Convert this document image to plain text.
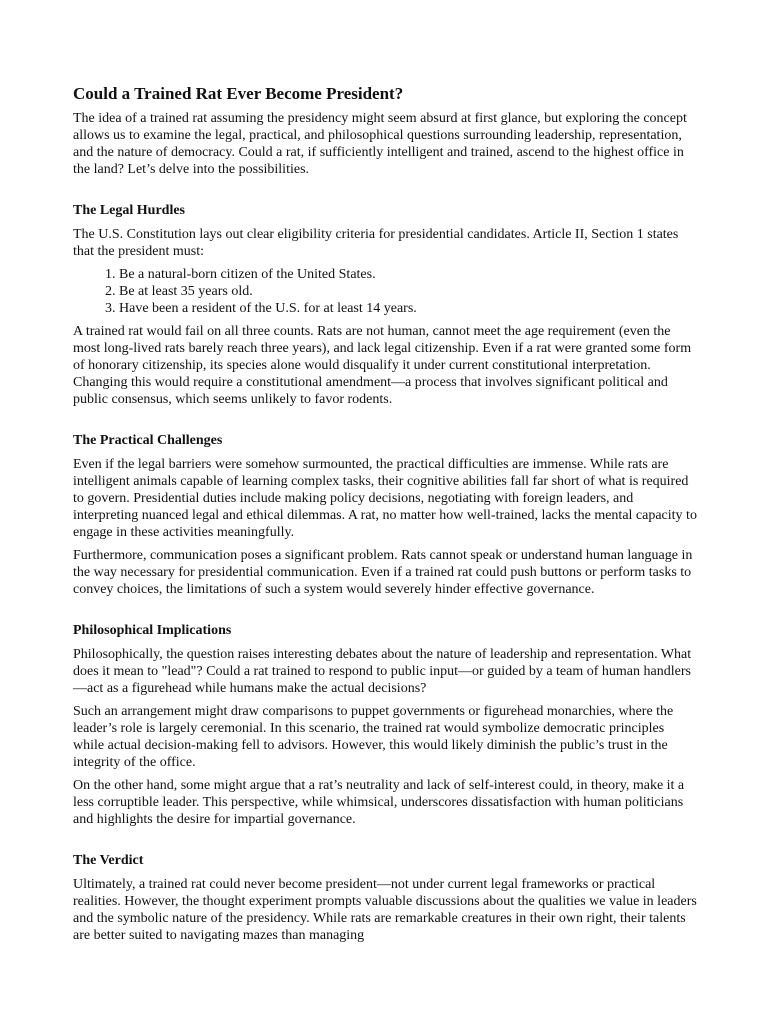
Could a Trained Rat Ever Become President?

The idea of a trained rat assuming the presidency might seem absurd at first glance, but exploring the concept allows us to examine the legal, practical, and philosophical questions surrounding leadership, representation, and the nature of democracy. Could a rat, if sufficiently intelligent and trained, ascend to the highest office in the land? Let’s delve into the possibilities.

The Legal Hurdles

The U.S. Constitution lays out clear eligibility criteria for presidential candidates. Article II, Section 1 states that the president must:

1. Be a natural-born citizen of the United States.
2. Be at least 35 years old.
3. Have been a resident of the U.S. for at least 14 years.

A trained rat would fail on all three counts. Rats are not human, cannot meet the age requirement (even the most long-lived rats barely reach three years), and lack legal citizenship. Even if a rat were granted some form of honorary citizenship, its species alone would disqualify it under current constitutional interpretation. Changing this would require a constitutional amendment—a process that involves significant political and public consensus, which seems unlikely to favor rodents.

The Practical Challenges

Even if the legal barriers were somehow surmounted, the practical difficulties are immense. While rats are intelligent animals capable of learning complex tasks, their cognitive abilities fall far short of what is required to govern. Presidential duties include making policy decisions, negotiating with foreign leaders, and interpreting nuanced legal and ethical dilemmas. A rat, no matter how well-trained, lacks the mental capacity to engage in these activities meaningfully.

Furthermore, communication poses a significant problem. Rats cannot speak or understand human language in the way necessary for presidential communication. Even if a trained rat could push buttons or perform tasks to convey choices, the limitations of such a system would severely hinder effective governance.

Philosophical Implications

Philosophically, the question raises interesting debates about the nature of leadership and representation. What does it mean to "lead"? Could a rat trained to respond to public input—or guided by a team of human handlers—act as a figurehead while humans make the actual decisions?

Such an arrangement might draw comparisons to puppet governments or figurehead monarchies, where the leader’s role is largely ceremonial. In this scenario, the trained rat would symbolize democratic principles while actual decision-making fell to advisors. However, this would likely diminish the public’s trust in the integrity of the office.

On the other hand, some might argue that a rat’s neutrality and lack of self-interest could, in theory, make it a less corruptible leader. This perspective, while whimsical, underscores dissatisfaction with human politicians and highlights the desire for impartial governance.

The Verdict

Ultimately, a trained rat could never become president—not under current legal frameworks or practical realities. However, the thought experiment prompts valuable discussions about the qualities we value in leaders and the symbolic nature of the presidency. While rats are remarkable creatures in their own right, their talents are better suited to navigating mazes than managing
